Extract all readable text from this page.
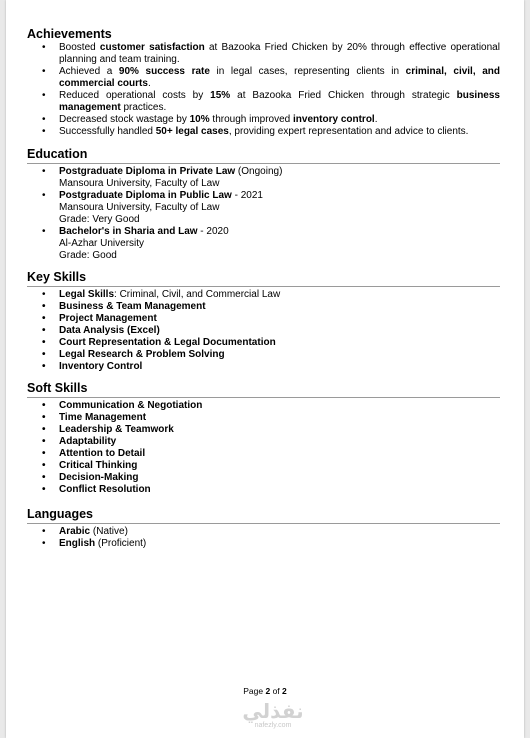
Achievements
• Boosted customer satisfaction at Bazooka Fried Chicken by 20% through effective operational planning and team training.
• Achieved a 90% success rate in legal cases, representing clients in criminal, civil, and commercial courts.
• Reduced operational costs by 15% at Bazooka Fried Chicken through strategic business management practices.
• Decreased stock wastage by 10% through improved inventory control.
• Successfully handled 50+ legal cases, providing expert representation and advice to clients.
Education
• Postgraduate Diploma in Private Law (Ongoing)
Mansoura University, Faculty of Law
• Postgraduate Diploma in Public Law - 2021
Mansoura University, Faculty of Law
Grade: Very Good
• Bachelor's in Sharia and Law - 2020
Al-Azhar University
Grade: Good
Key Skills
• Legal Skills: Criminal, Civil, and Commercial Law
• Business & Team Management
• Project Management
• Data Analysis (Excel)
• Court Representation & Legal Documentation
• Legal Research & Problem Solving
• Inventory Control
Soft Skills
• Communication & Negotiation
• Time Management
• Leadership & Teamwork
• Adaptability
• Attention to Detail
• Critical Thinking
• Decision-Making
• Conflict Resolution
Languages
• Arabic (Native)
• English (Proficient)
Page 2 of 2
نفذلي
nafezly.com
